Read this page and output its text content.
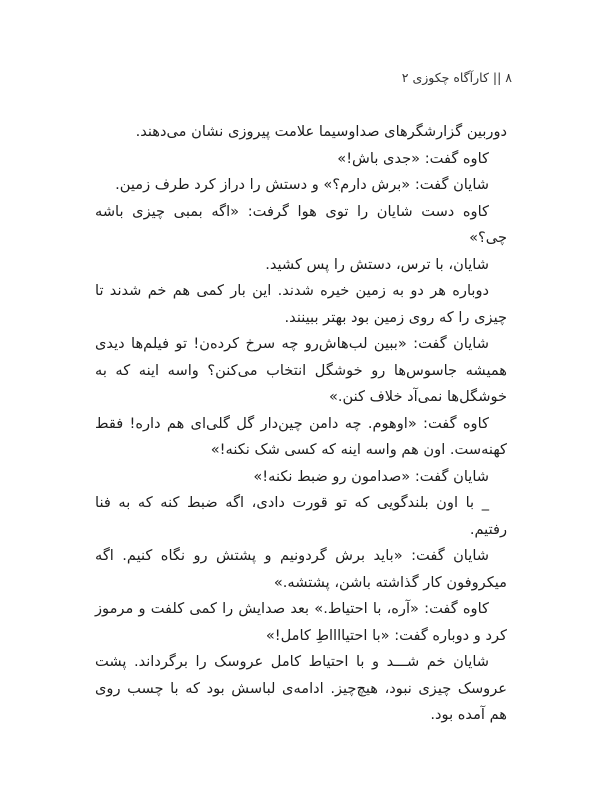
۸ || کارآگاه چکوزی ۲

دوربین گزارشگرهای صداوسیما علامت پیروزی نشان می‌دهند.

کاوه گفت: «جدی باش!»

شایان گفت: «برش دارم؟» و دستش را دراز کرد طرف زمین.

کاوه دست شایان را توی هوا گرفت: «اگه بمبی چیزی باشه چی؟»

شایان، با ترس، دستش را پس کشید.

دوباره هر دو به زمین خیره شدند. این بار کمی هم خم شدند تا چیزی را که روی زمین بود بهتر ببینند.

شایان گفت: «ببین لب‌هاش‌رو چه سرخ کرده‌ن! تو فیلم‌ها دیدی همیشه جاسوس‌ها رو خوشگل انتخاب می‌کنن؟ واسه اینه که به خوشگل‌ها نمی‌آد خلاف کنن.»

کاوه گفت: «اوهوم. چه دامن چین‌دار گل گلی‌ای هم داره! فقط کهنه‌ست. اون هم واسه اینه که کسی شک نکنه!»

شایان گفت: «صدامون رو ضبط نکنه!»

_ با اون بلندگویی که تو قورت دادی، اگه ضبط کنه که به فنا رفتیم.

شایان گفت: «باید برش گردونیم و پشتش رو نگاه کنیم. اگه میکروفون کار گذاشته باشن، پشتشه.»

کاوه گفت: «آره، با احتیاط.» بعد صدایش را کمی کلفت و مرموز کرد و دوباره گفت: «با احتیااااطِ کامل!»

شایان خم شـــد و با احتیاط کامل عروسک را برگرداند. پشت عروسک چیزی نبود، هیچ‌چیز. ادامه‌ی لباسش بود که با چسب روی هم آمده بود.
